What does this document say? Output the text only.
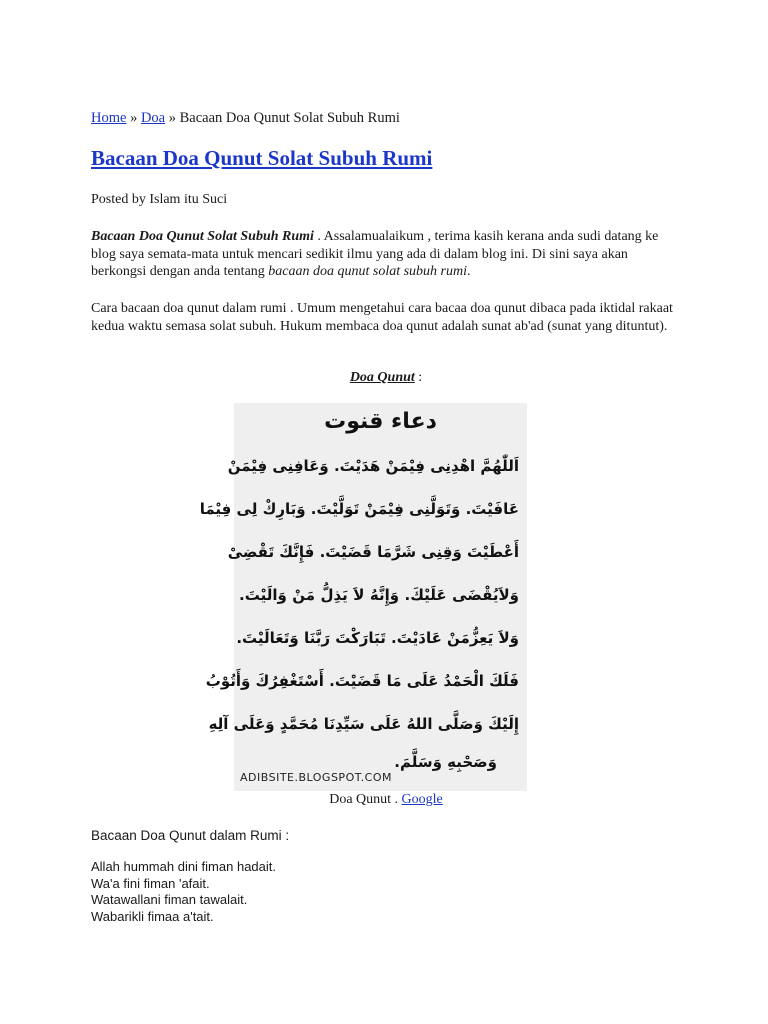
Home » Doa » Bacaan Doa Qunut Solat Subuh Rumi
Bacaan Doa Qunut Solat Subuh Rumi
Posted by Islam itu Suci

Bacaan Doa Qunut Solat Subuh Rumi . Assalamualaikum , terima kasih kerana anda sudi datang ke blog saya semata-mata untuk mencari sedikit ilmu yang ada di dalam blog ini. Di sini saya akan berkongsi dengan anda tentang bacaan doa qunut solat subuh rumi.

Cara bacaan doa qunut dalam rumi . Umum mengetahui cara bacaa doa qunut dibaca pada iktidal rakaat kedua waktu semasa solat subuh. Hukum membaca doa qunut adalah sunat ab'ad (sunat yang dituntut).

Doa Qunut :
دعاء قنوت
اَللّٰهُمَّ اهْدِنِى فِيْمَنْ هَدَيْتَ. وَعَافِنِى فِيْمَنْ
عَافَيْتَ. وَتَوَلَّنِى فِيْمَنْ تَوَلَّيْتَ. وَبَارِكْ لِى فِيْمَا
أَعْطَيْتَ وَقِنِى شَرَّمَا قَضَيْتَ. فَإِنَّكَ تَقْضِىْ
وَلاَيُقْضَى عَلَيْكَ. وَإِنَّهُ لاَ يَذِلُّ مَنْ وَالَيْتَ.
وَلاَ يَعِزُّمَنْ عَادَيْتَ. تَبَارَكْتَ رَبَّنَا وَتَعَالَيْتَ.
فَلَكَ الْحَمْدُ عَلَى مَا قَضَيْتَ. أَسْتَغْفِرُكَ وَأَتُوْبُ
إِلَيْكَ وَصَلَّى اللهُ عَلَى سَيِّدِنَا مُحَمَّدٍ وَعَلَى آلِهِ
وَصَحْبِهِ وَسَلَّمَ.
ADIBSITE.BLOGSPOT.COM
Doa Qunut . Google
Bacaan Doa Qunut dalam Rumi :
Allah hummah dini fiman hadait.
Wa'a fini fiman 'afait.
Watawallani fiman tawalait.
Wabarikli fimaa a'tait.
